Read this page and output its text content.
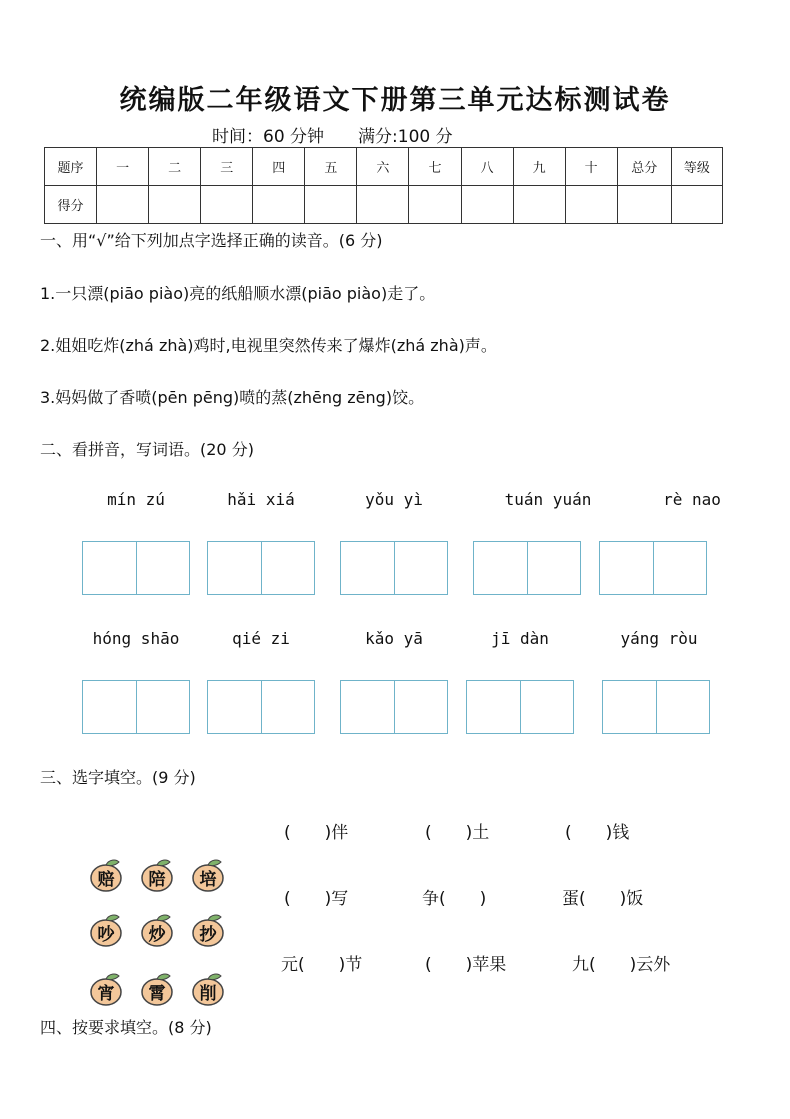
统编版二年级语文下册第三单元达标测试卷
时间：60 分钟 满分:100 分
题序	一	二	三	四	五	六	七	八	九	十	总分	等级
得分												
一、用“√”给下列加点字选择正确的读音。(6 分)
1.一只漂(piāo piào)亮的纸船顺水漂(piāo piào)走了。
2.姐姐吃炸(zhá zhà)鸡时,电视里突然传来了爆炸(zhá zhà)声。
3.妈妈做了香喷(pēn pēng)喷的蒸(zhēng zēng)饺。
二、看拼音，写词语。(20 分)
mín zú	hǎi xiá	yǒu yì	tuán yuán	rè nao
hóng shāo	qié zi	kǎo yā	jī dàn	yáng ròu
三、选字填空。(9 分)
赔	陪	培
吵	炒	抄
宵	霄	削
(　　)伴	(　　)土	(　　)钱
(　　)写	争(　　)	蛋(　　)饭
元(　　)节	(　　)苹果	九(　　)云外
四、按要求填空。(8 分)
